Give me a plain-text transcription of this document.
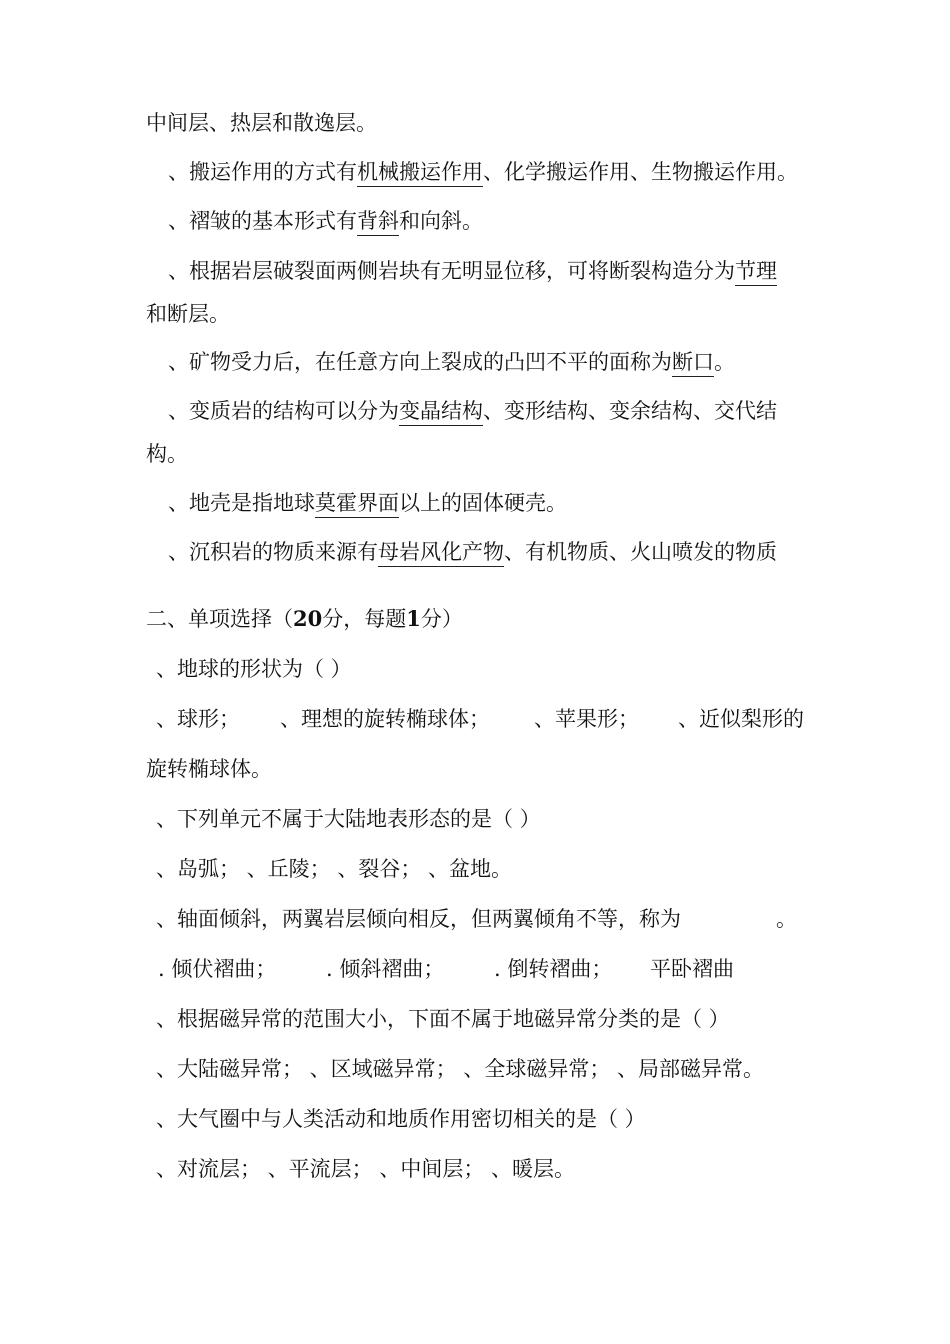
中间层、热层和散逸层。
、搬运作用的方式有机械搬运作用、化学搬运作用、生物搬运作用。
、褶皱的基本形式有背斜和向斜。
、根据岩层破裂面两侧岩块有无明显位移，可将断裂构造分为节理
和断层。
、矿物受力后，在任意方向上裂成的凸凹不平的面称为断口。
、变质岩的结构可以分为变晶结构、变形结构、变余结构、交代结
构。
、地壳是指地球莫霍界面以上的固体硬壳。
、沉积岩的物质来源有母岩风化产物、有机物质、火山喷发的物质
二、单项选择（20分，每题1分）
、地球的形状为（ ）
、球形； 、理想的旋转椭球体； 、苹果形； 、近似梨形的
旋转椭球体。
、下列单元不属于大陆地表形态的是（ ）
、岛弧； 、丘陵； 、裂谷； 、盆地。
、轴面倾斜，两翼岩层倾向相反，但两翼倾角不等，称为	。
. 倾伏褶曲； . 倾斜褶曲； . 倒转褶曲； 平卧褶曲
、根据磁异常的范围大小，下面不属于地磁异常分类的是（ ）
、大陆磁异常； 、区域磁异常； 、全球磁异常； 、局部磁异常。
、大气圈中与人类活动和地质作用密切相关的是（ ）
、对流层； 、平流层； 、中间层； 、暖层。
